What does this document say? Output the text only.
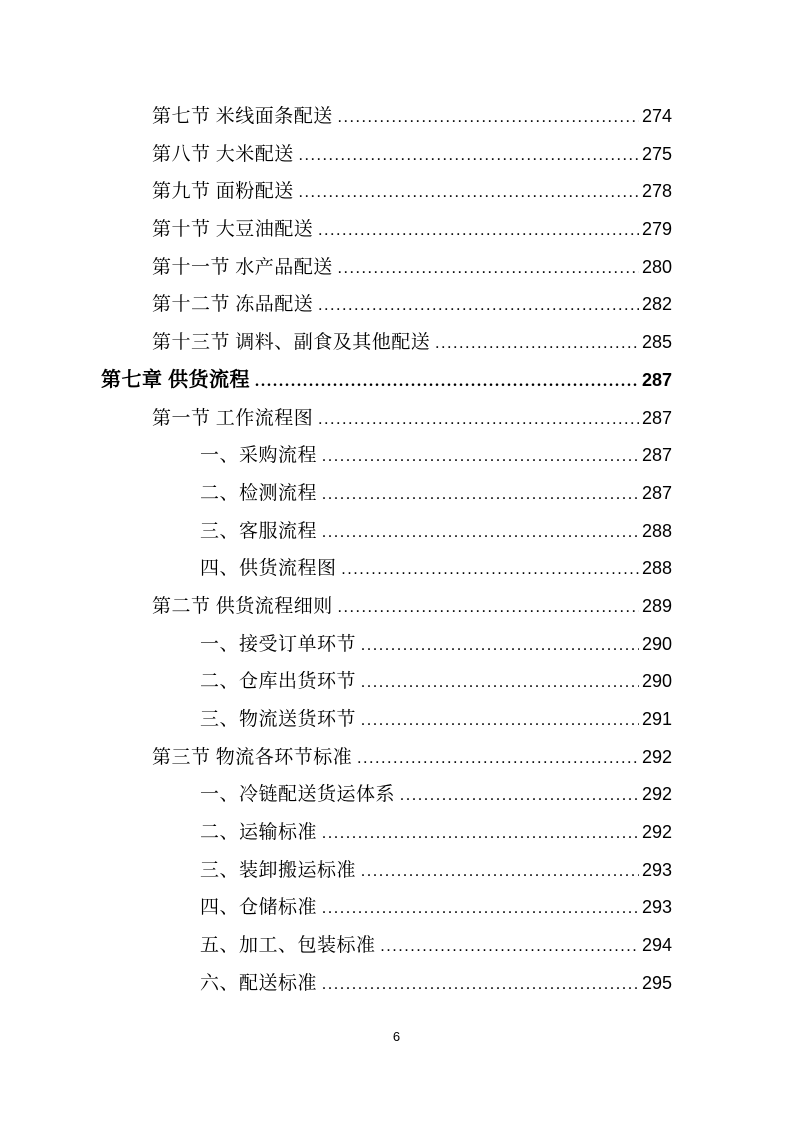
第七节 米线面条配送 .....	274
第八节 大米配送 .....	275
第九节 面粉配送 .....	278
第十节 大豆油配送 .....	279
第十一节 水产品配送 .....	280
第十二节 冻品配送 .....	282
第十三节 调料、副食及其他配送 .....	285
第七章 供货流程 .....	287
第一节 工作流程图 .....	287
一、采购流程 .....	287
二、检测流程 .....	287
三、客服流程 .....	288
四、供货流程图 .....	288
第二节 供货流程细则 .....	289
一、接受订单环节 .....	290
二、仓库出货环节 .....	290
三、物流送货环节 .....	291
第三节 物流各环节标准 .....	292
一、冷链配送货运体系 .....	292
二、运输标准 .....	292
三、装卸搬运标准 .....	293
四、仓储标准 .....	293
五、加工、包装标准 .....	294
六、配送标准 .....	295
6
